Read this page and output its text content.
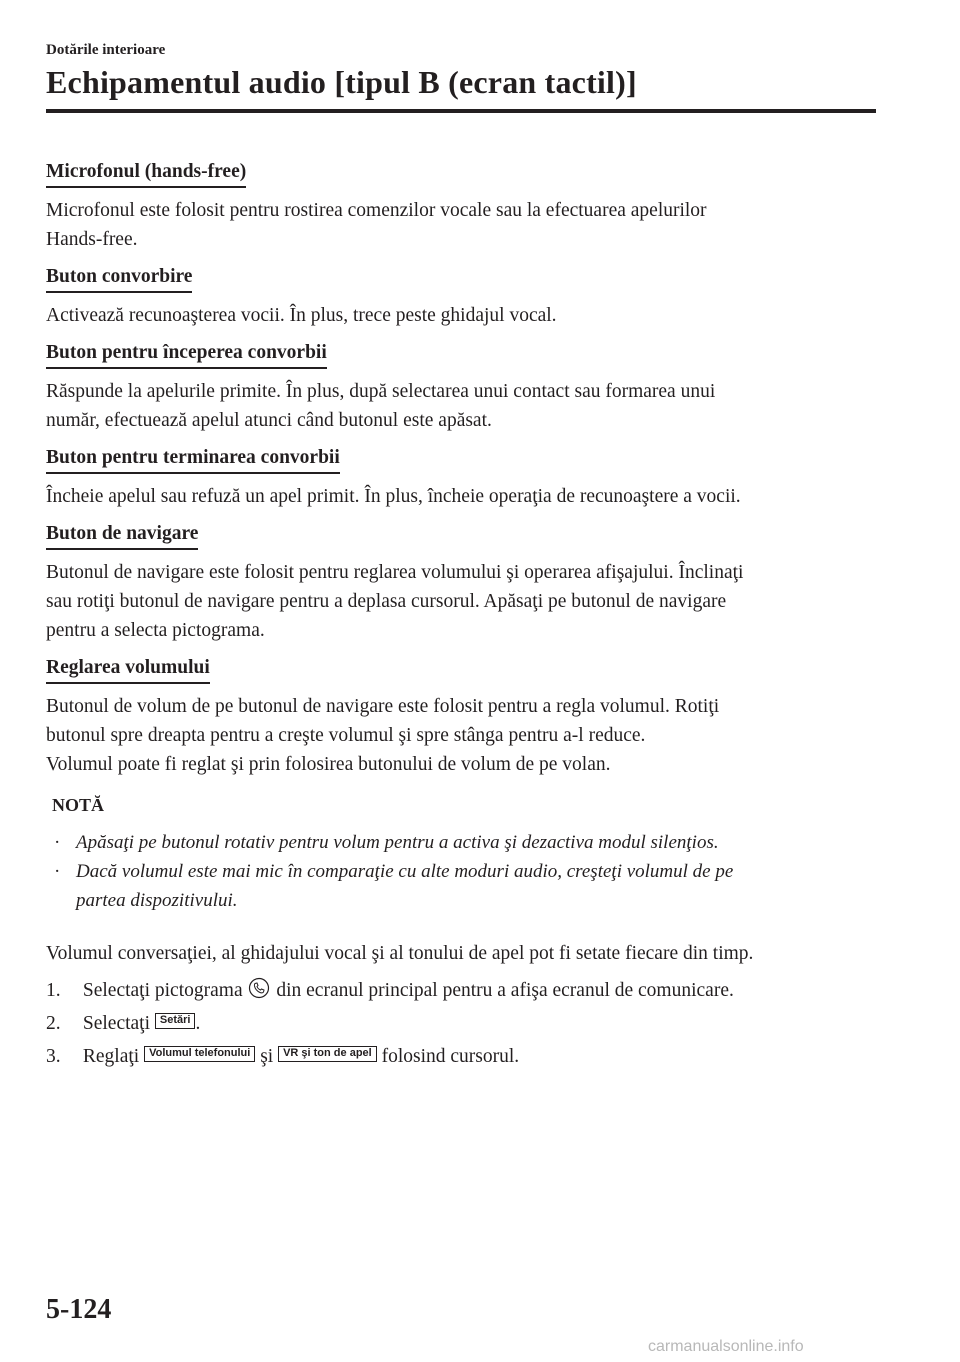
Dotările interioare
Echipamentul audio [tipul B (ecran tactil)]
Microfonul (hands-free)
Microfonul este folosit pentru rostirea comenzilor vocale sau la efectuarea apelurilor
Hands-free.
Buton convorbire
Activează recunoaşterea vocii. În plus, trece peste ghidajul vocal.
Buton pentru începerea convorbii
Răspunde la apelurile primite. În plus, după selectarea unui contact sau formarea unui
număr, efectuează apelul atunci când butonul este apăsat.
Buton pentru terminarea convorbii
Încheie apelul sau refuză un apel primit. În plus, încheie operaţia de recunoaştere a vocii.
Buton de navigare
Butonul de navigare este folosit pentru reglarea volumului şi operarea afişajului. Înclinaţi
sau rotiţi butonul de navigare pentru a deplasa cursorul. Apăsaţi pe butonul de navigare
pentru a selecta pictograma.
Reglarea volumului
Butonul de volum de pe butonul de navigare este folosit pentru a regla volumul. Rotiţi
butonul spre dreapta pentru a creşte volumul şi spre stânga pentru a-l reduce.
Volumul poate fi reglat şi prin folosirea butonului de volum de pe volan.
NOTĂ
· Apăsaţi pe butonul rotativ pentru volum pentru a activa şi dezactiva modul silenţios.
· Dacă volumul este mai mic în comparaţie cu alte moduri audio, creşteţi volumul de pe
partea dispozitivului.
Volumul conversaţiei, al ghidajului vocal şi al tonului de apel pot fi setate fiecare din timp.
1. Selectaţi pictograma din ecranul principal pentru a afişa ecranul de comunicare.
2. Selectaţi Setări .
3. Reglaţi Volumul telefonului şi VR şi ton de apel folosind cursorul.
5-124
carmanualsonline.info
